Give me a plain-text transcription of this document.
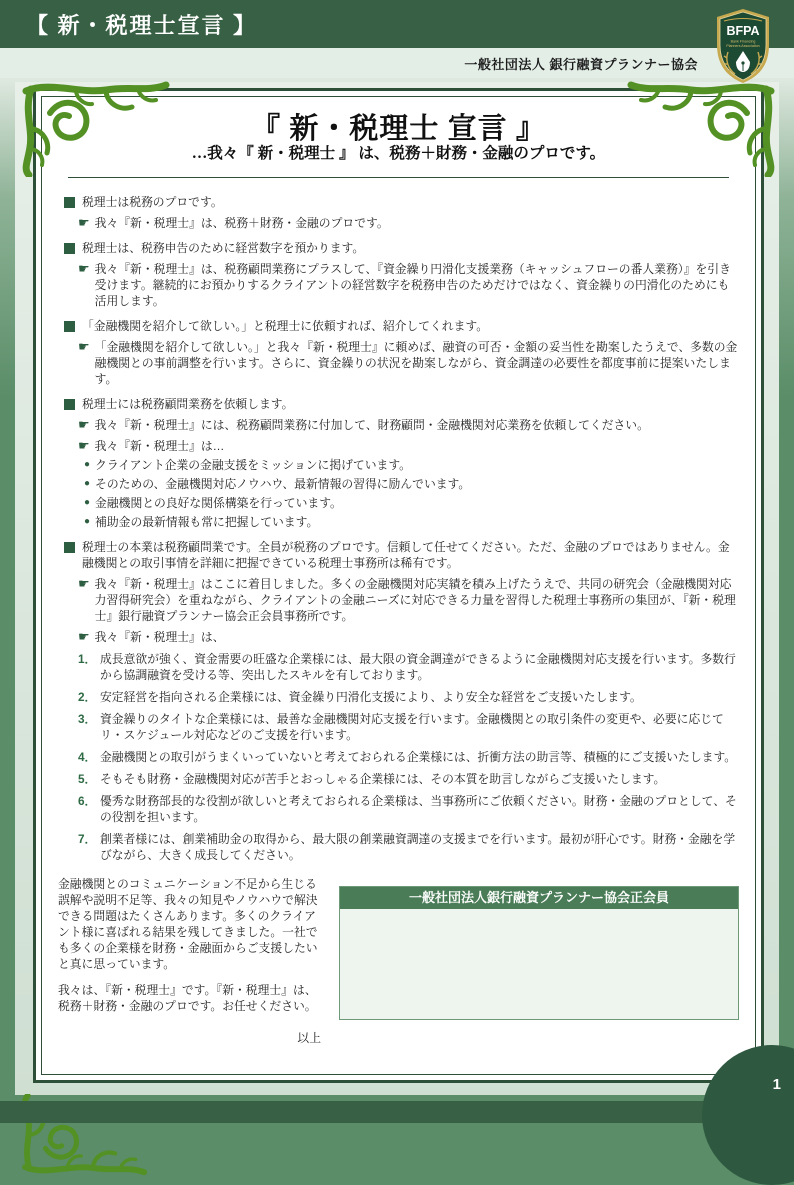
【 新・税理士宣言 】
一般社団法人 銀行融資プランナー協会
BFPA
Bank Financing
Planners Association
『 新・税理士 宣言 』
…我々『 新・税理士 』 は、税務＋財務・金融のプロです。
税理士は税務のプロです。
☛ 我々『新・税理士』は、税務＋財務・金融のプロです。
税理士は、税務申告のために経営数字を預かります。
☛ 我々『新・税理士』は、税務顧問業務にプラスして、『資金繰り円滑化支援業務（キャッシュフローの番人業務）』を引き受けます。継続的にお預かりするクライアントの経営数字を税務申告のためだけではなく、資金繰りの円滑化のためにも活用します。
「金融機関を紹介して欲しい。」と税理士に依頼すれば、紹介してくれます。
☛ 「金融機関を紹介して欲しい。」と我々『新・税理士』に頼めば、融資の可否・金額の妥当性を勘案したうえで、多数の金融機関との事前調整を行います。さらに、資金繰りの状況を勘案しながら、資金調達の必要性を都度事前に提案いたします。
税理士には税務顧問業務を依頼します。
☛ 我々『新・税理士』には、税務顧問業務に付加して、財務顧問・金融機関対応業務を依頼してください。
☛ 我々『新・税理士』は…
● クライアント企業の金融支援をミッションに掲げています。
● そのための、金融機関対応ノウハウ、最新情報の習得に励んでいます。
● 金融機関との良好な関係構築を行っています。
● 補助金の最新情報も常に把握しています。
税理士の本業は税務顧問業です。全員が税務のプロです。信頼して任せてください。ただ、金融のプロではありません。金融機関との取引事情を詳細に把握できている税理士事務所は稀有です。
☛ 我々『新・税理士』はここに着目しました。多くの金融機関対応実績を積み上げたうえで、共同の研究会（金融機関対応力習得研究会）を重ねながら、クライアントの金融ニーズに対応できる力量を習得した税理士事務所の集団が、『新・税理士』銀行融資プランナー協会正会員事務所です。
☛ 我々『新・税理士』は、
1． 成長意欲が強く、資金需要の旺盛な企業様には、最大限の資金調達ができるように金融機関対応支援を行います。多数行から協調融資を受ける等、突出したスキルを有しております。
2． 安定経営を指向される企業様には、資金繰り円滑化支援により、より安全な経営をご支援いたします。
3． 資金繰りのタイトな企業様には、最善な金融機関対応支援を行います。金融機関との取引条件の変更や、必要に応じてリ・スケジュール対応などのご支援を行います。
4． 金融機関との取引がうまくいっていないと考えておられる企業様には、折衝方法の助言等、積極的にご支援いたします。
5． そもそも財務・金融機関対応が苦手とおっしゃる企業様には、その本質を助言しながらご支援いたします。
6． 優秀な財務部長的な役割が欲しいと考えておられる企業様は、当事務所にご依頼ください。財務・金融のプロとして、その役割を担います。
7． 創業者様には、創業補助金の取得から、最大限の創業融資調達の支援までを行います。最初が肝心です。財務・金融を学びながら、大きく成長してください。

金融機関とのコミュニケーション不足から生じる誤解や説明不足等、我々の知見やノウハウで解決できる問題はたくさんあります。多くのクライアント様に喜ばれる結果を残してきました。一社でも多くの企業様を財務・金融面からご支援したいと真に思っています。

我々は、『新・税理士』です。『新・税理士』は、税務＋財務・金融のプロです。お任せください。

以上
一般社団法人銀行融資プランナー協会正会員
1
